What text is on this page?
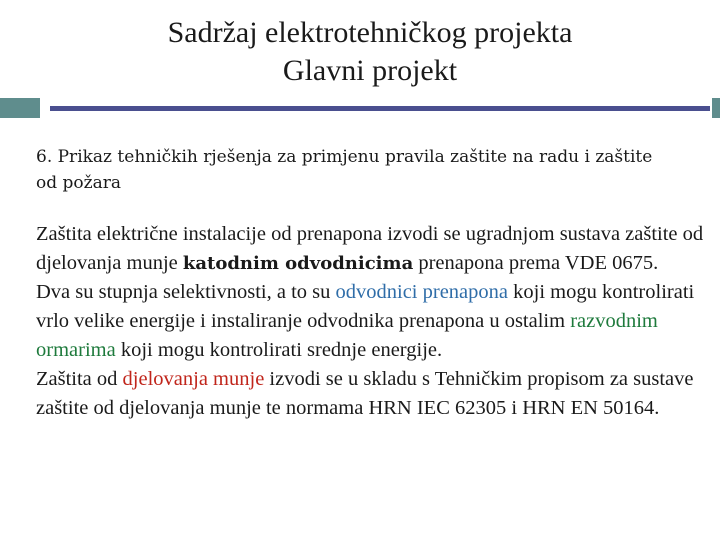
Sadržaj elektrotehničkog projekta
Glavni projekt
6. Prikaz tehničkih rješenja za primjenu pravila zaštite na radu i zaštite od požara
Zaštita električne instalacije od prenapona izvodi se ugradnjom sustava zaštite od djelovanja munje katodnim odvodnicima prenapona prema VDE 0675.
Dva su stupnja selektivnosti, a to su odvodnici prenapona koji mogu kontrolirati vrlo velike energije i instaliranje odvodnika prenapona u ostalim razvodnim ormarima koji mogu kontrolirati srednje energije.
Zaštita od djelovanja munje izvodi se u skladu s Tehničkim propisom za sustave zaštite od djelovanja munje te normama HRN IEC 62305 i HRN EN 50164.
